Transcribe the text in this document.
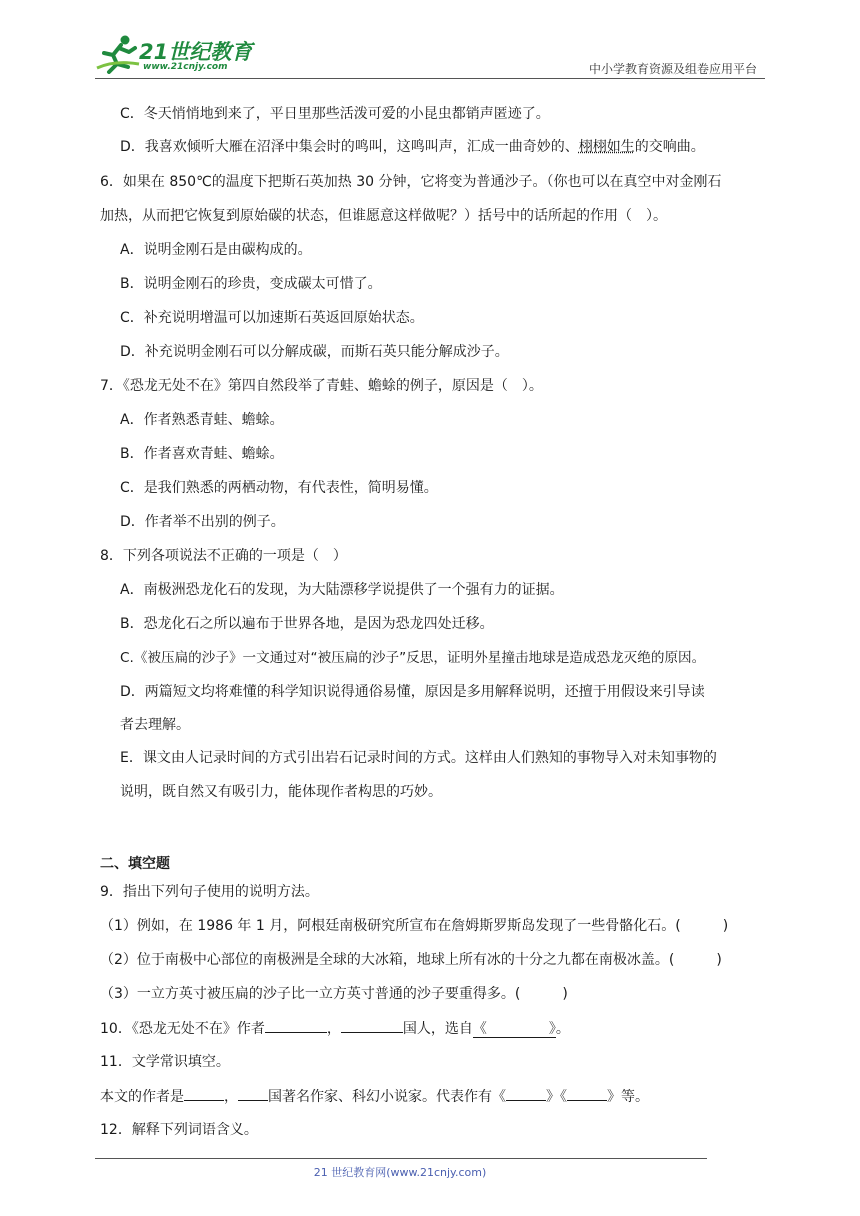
21世纪教育
www.21cnjy.com	中小学教育资源及组卷应用平台
C．冬天悄悄地到来了，平日里那些活泼可爱的小昆虫都销声匿迹了。
D．我喜欢倾听大雁在沼泽中集会时的鸣叫，这鸣叫声，汇成一曲奇妙的、栩栩如生的交响曲。
6．如果在 850℃的温度下把斯石英加热 30 分钟，它将变为普通沙子。（你也可以在真空中对金刚石
加热，从而把它恢复到原始碳的状态，但谁愿意这样做呢？）括号中的话所起的作用（　）。
A．说明金刚石是由碳构成的。
B．说明金刚石的珍贵，变成碳太可惜了。
C．补充说明增温可以加速斯石英返回原始状态。
D．补充说明金刚石可以分解成碳，而斯石英只能分解成沙子。
7．《恐龙无处不在》第四自然段举了青蛙、蟾蜍的例子，原因是（　）。
A．作者熟悉青蛙、蟾蜍。
B．作者喜欢青蛙、蟾蜍。
C．是我们熟悉的两栖动物，有代表性，简明易懂。
D．作者举不出别的例子。
8．下列各项说法不正确的一项是（　）
A．南极洲恐龙化石的发现，为大陆漂移学说提供了一个强有力的证据。
B．恐龙化石之所以遍布于世界各地，是因为恐龙四处迁移。
C.《被压扁的沙子》一文通过对“被压扁的沙子”反思，证明外星撞击地球是造成恐龙灭绝的原因。
D．两篇短文均将难懂的科学知识说得通俗易懂，原因是多用解释说明，还擅于用假设来引导读
者去理解。
E．课文由人记录时间的方式引出岩石记录时间的方式。这样由人们熟知的事物导入对未知事物的
说明，既自然又有吸引力，能体现作者构思的巧妙。
二、填空题
9．指出下列句子使用的说明方法。
（1）例如，在 1986 年 1 月，阿根廷南极研究所宣布在詹姆斯罗斯岛发现了一些骨骼化石。(　　　)
（2）位于南极中心部位的南极洲是全球的大冰箱，地球上所有冰的十分之九都在南极冰盖。(　　　)
（3）一立方英寸被压扁的沙子比一立方英寸普通的沙子要重得多。(　　　)
10．《恐龙无处不在》作者	，	国人，选自《	》。
11．文学常识填空。
本文的作者是	， 国著名作家、科幻小说家。代表作有《	》《	》等。
12．解释下列词语含义。
21 世纪教育网(www.21cnjy.com)
